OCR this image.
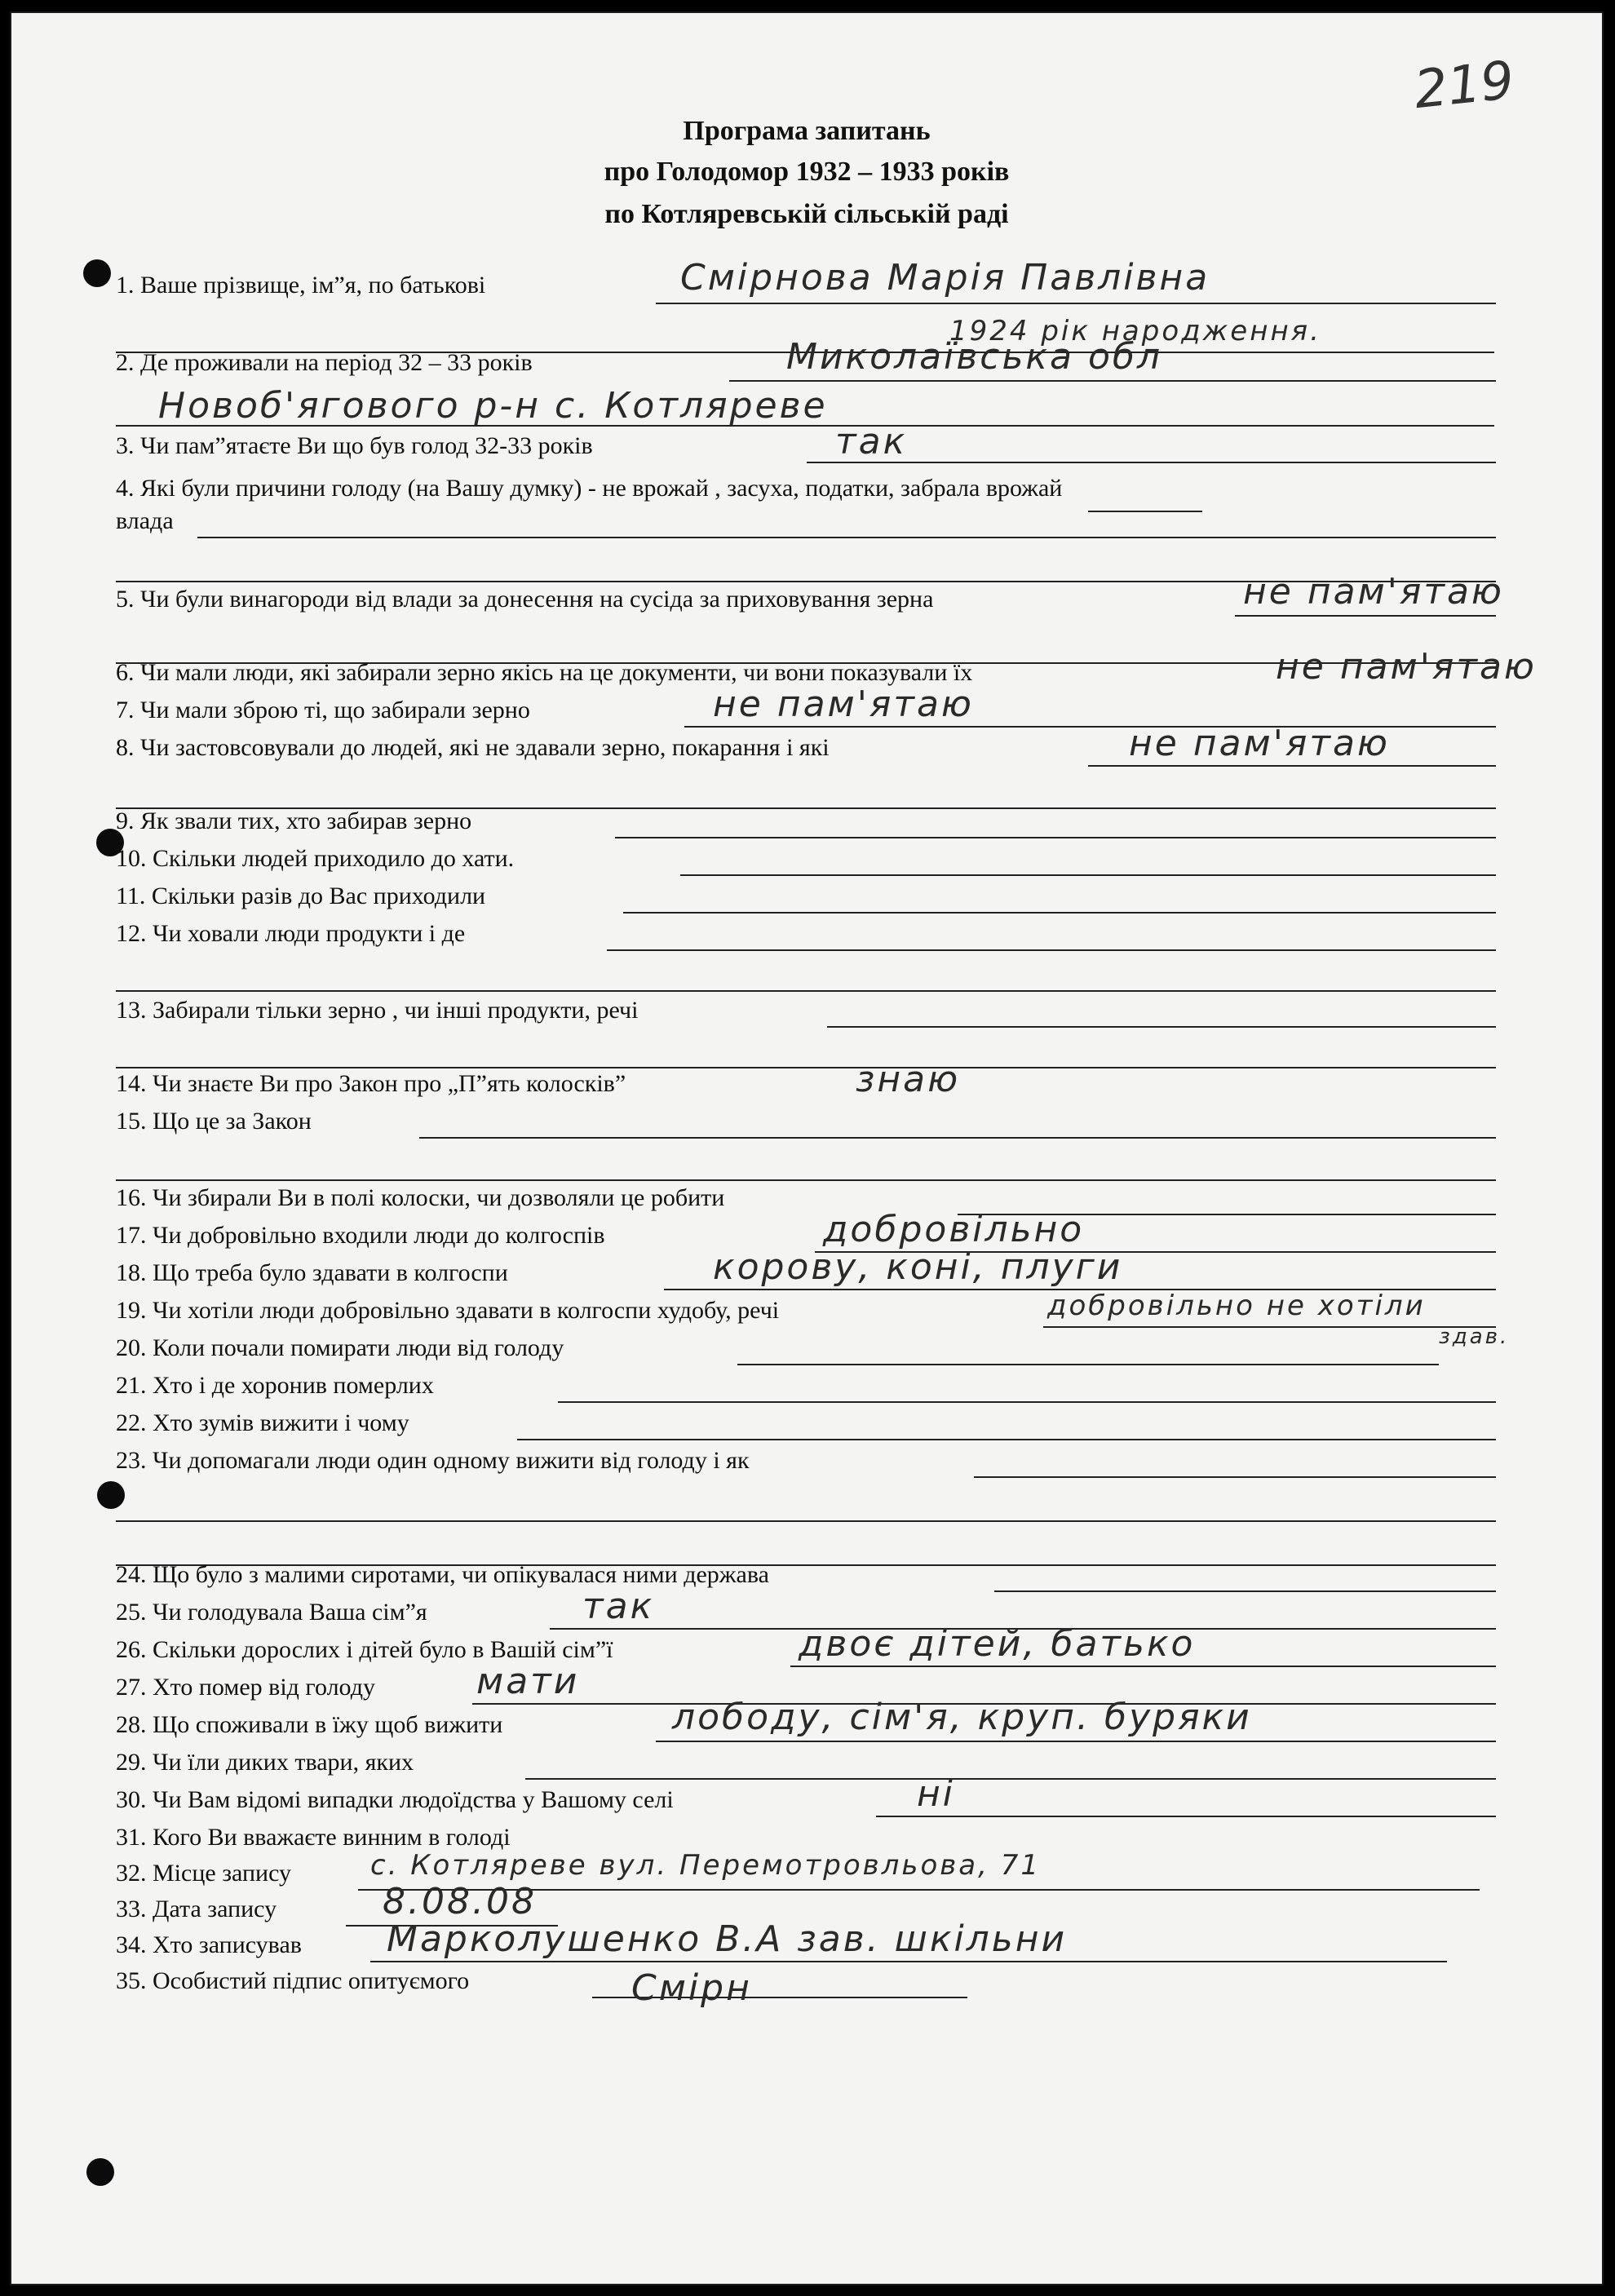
219
Програма запитань
про Голодомор 1932 – 1933 років
по Котляревській сільській раді
1. Ваше прізвище, ім”я, по батькові	Смірнова Марія Павлівна
1924 рік народження.
2. Де проживали на період 32 – 33 років	Миколаївська обл
Новоб'ягового р-н с. Котляреве
3. Чи пам”ятаєте Ви що був голод 32-33 років	так
4. Які були причини голоду (на Вашу думку) - не врожай , засуха, податки, забрала врожай
влада
5. Чи були винагороди від влади за донесення на сусіда за приховування зерна	не пам'ятаю
6. Чи мали люди, які забирали зерно якісь на це документи, чи вони показували їх	не пам'ятаю
7. Чи мали зброю ті, що забирали зерно	не пам'ятаю
8. Чи застовсовували до людей, які не здавали зерно, покарання і які	не пам'ятаю
9. Як звали тих, хто забирав зерно
10. Скільки людей приходило до хати.
11. Скільки разів до Вас приходили
12. Чи ховали люди продукти і де
13. Забирали тільки зерно , чи інші продукти, речі
14. Чи знаєте Ви про Закон про „П”ять колосків”	знаю
15. Що це за Закон
16. Чи збирали Ви в полі колоски, чи дозволяли це робити
17. Чи добровільно входили люди до колгоспів	добровільно
18. Що треба було здавати в колгоспи	корову, коні, плуги
19. Чи хотіли люди добровільно здавати в колгоспи худобу, речі	добровільно не хотіли
здав.
20. Коли почали помирати люди від голоду
21. Хто і де хоронив померлих
22. Хто зумів вижити і чому
23. Чи допомагали люди один одному вижити від голоду і як
24. Що було з малими сиротами, чи опікувалася ними держава
25. Чи голодувала Ваша сім”я	так
26. Скільки дорослих і дітей було в Вашій сім”ї	двоє дітей, батько
27. Хто помер від голоду	мати
28. Що споживали в їжу щоб вижити	лободу, сім'я, круп. буряки
29. Чи їли диких твари, яких
30. Чи Вам відомі випадки людоїдства у Вашому селі	ні
31. Кого Ви вважаєте винним в голоді
32. Місце запису	с. Котляреве вул. Перемотровльова, 71
33. Дата запису	8.08.08
34. Хто записував Марколушенко В.А зав. шкільни
35. Особистий підпис опитуємого	Смірн
